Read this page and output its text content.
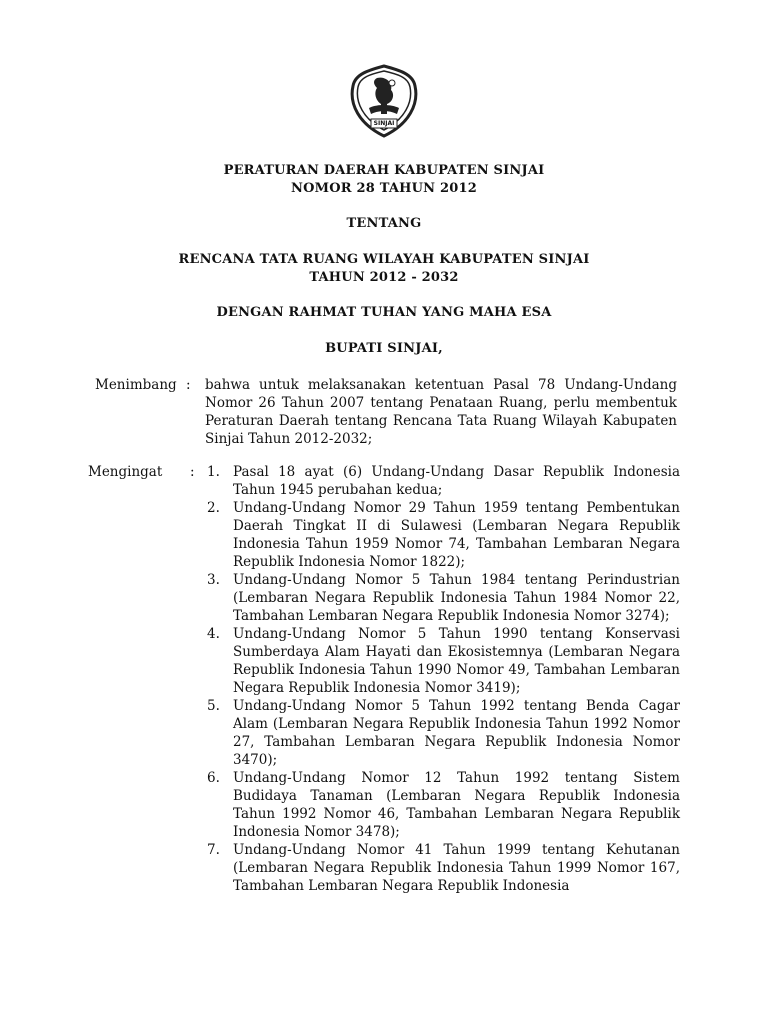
SINJAI
PERATURAN DAERAH KABUPATEN SINJAI
NOMOR 28 TAHUN 2012
TENTANG
RENCANA TATA RUANG WILAYAH KABUPATEN SINJAI
TAHUN 2012 - 2032
DENGAN RAHMAT TUHAN YANG MAHA ESA
BUPATI SINJAI,
Menimbang : bahwa untuk melaksanakan ketentuan Pasal 78 Undang-Undang Nomor 26 Tahun 2007 tentang Penataan Ruang, perlu membentuk Peraturan Daerah tentang Rencana Tata Ruang Wilayah Kabupaten Sinjai Tahun 2012-2032;
Mengingat : 1. Pasal 18 ayat (6) Undang-Undang Dasar Republik Indonesia Tahun 1945 perubahan kedua;
2. Undang-Undang Nomor 29 Tahun 1959 tentang Pembentukan Daerah Tingkat II di Sulawesi (Lembaran Negara Republik Indonesia Tahun 1959 Nomor 74, Tambahan Lembaran Negara Republik Indonesia Nomor 1822);
3. Undang-Undang Nomor 5 Tahun 1984 tentang Perindustrian (Lembaran Negara Republik Indonesia Tahun 1984 Nomor 22, Tambahan Lembaran Negara Republik Indonesia Nomor 3274);
4. Undang-Undang Nomor 5 Tahun 1990 tentang Konservasi Sumberdaya Alam Hayati dan Ekosistemnya (Lembaran Negara Republik Indonesia Tahun 1990 Nomor 49, Tambahan Lembaran Negara Republik Indonesia Nomor 3419);
5. Undang-Undang Nomor 5 Tahun 1992 tentang Benda Cagar Alam (Lembaran Negara Republik Indonesia Tahun 1992 Nomor 27, Tambahan Lembaran Negara Republik Indonesia Nomor 3470);
6. Undang-Undang Nomor 12 Tahun 1992 tentang Sistem Budidaya Tanaman (Lembaran Negara Republik Indonesia Tahun 1992 Nomor 46, Tambahan Lembaran Negara Republik Indonesia Nomor 3478);
7. Undang-Undang Nomor 41 Tahun 1999 tentang Kehutanan (Lembaran Negara Republik Indonesia Tahun 1999 Nomor 167, Tambahan Lembaran Negara Republik Indonesia
